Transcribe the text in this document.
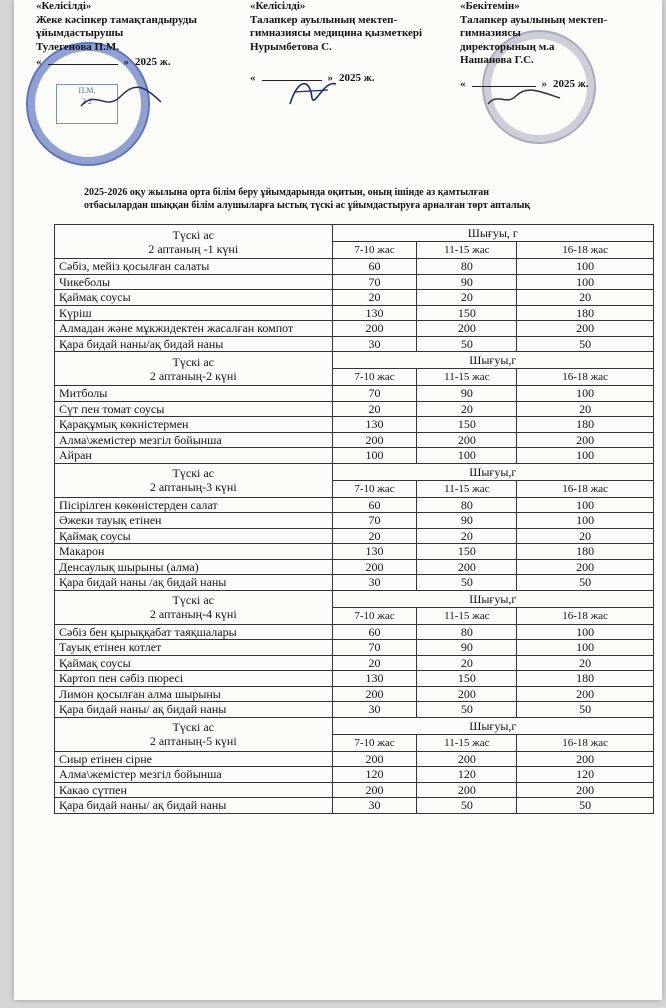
П.М.
2 2
«Келісілді»
Жеке кәсіпкер тамақтандыруды
ұйымдастырушы
Тулегенова П.М.
«	» 2025 ж.
«Келісілді»
Талапкер ауылының мектеп-
гимназиясы медицина қызметкері
Нурымбетова С.
«	» 2025 ж.
«Бекітемін»
Талапкер ауылының мектеп-
гимназиясы
директорының м.а
Нашанова Г.С.
«	» 2025 ж.
2025-2026 оқу жылына орта білім беру ұйымдарында оқитын, оның ішінде аз қамтылған
отбасылардан шыққан білім алушыларға ыстық түскі ас ұйымдастыруға арналған төрт апталық
Түскі ас
2 аптаның -1 күні	Шығуы, г		
	7-10 жас	11-15 жас	16-18 жас
Сәбіз, мейіз қосылған салаты	60	80	100
Чикеболы	70	90	100
Қаймақ соусы	20	20	20
Күріш	130	150	180
Алмадан және мұкжидектен жасалған компот	200	200	200
Қара бидай наны/ақ бидай наны	30	50	50

Түскі ас
2 аптаның-2 күні	Шығуы,г		
	7-10 жас	11-15 жас	16-18 жас
Митболы	70	90	100
Сүт пен томат соусы	20	20	20
Қарақұмық көкністермен	130	150	180
Алма\жемістер мезгіл бойынша	200	200	200
Айран	100	100	100

Түскі ас
2 аптаның-3 күні	Шығуы,г		
	7-10 жас	11-15 жас	16-18 жас
Пісірілген көкөністерден салат	60	80	100
Әжеки тауық етінен	70	90	100
Қаймақ соусы	20	20	20
Макарон	130	150	180
Денсаулық шырыны (алма)	200	200	200
Қара бидай наны /ақ бидай наны	30	50	50

Түскі ас
2 аптаның-4 күні	Шығуы,г		
	7-10 жас	11-15 жас	16-18 жас
Сәбіз бен қырыққабат таяқшалары	60	80	100
Тауық етінен котлет	70	90	100
Қаймақ соусы	20	20	20
Картоп пен сәбіз пюресі	130	150	180
Лимон қосылған алма шырыны	200	200	200
Қара бидай наны/ ақ бидай наны	30	50	50

Түскі ас
2 аптаның-5 күні	Шығуы,г		
	7-10 жас	11-15 жас	16-18 жас
Сиыр етінен сірне	200	200	200
Алма\жемістер мезгіл бойынша	120	120	120
Какао сүтпен	200	200	200
Қара бидай наны/ ақ бидай наны	30	50	50
